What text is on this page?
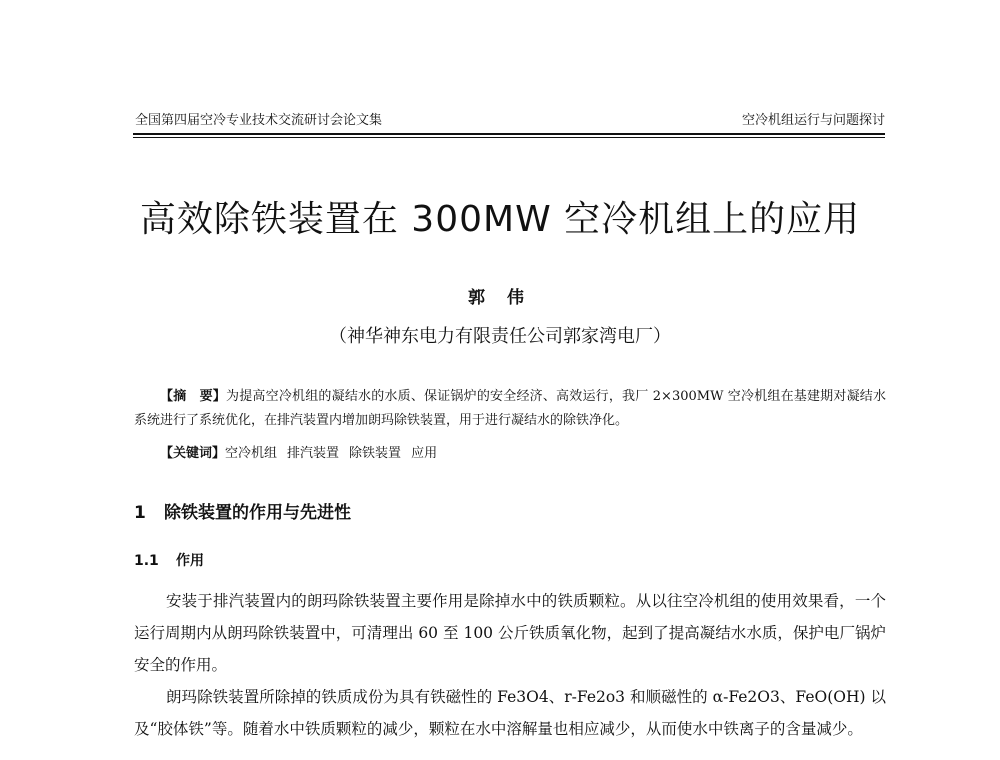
全国第四届空冷专业技术交流研讨会论文集	空冷机组运行与问题探讨
高效除铁装置在 300MW 空冷机组上的应用
郭 伟
（神华神东电力有限责任公司郭家湾电厂）
【摘　要】为提高空冷机组的凝结水的水质、保证锅炉的安全经济、高效运行，我厂 2×300MW 空冷机组在基建期对凝结水系统进行了系统优化，在排汽装置内增加朗玛除铁装置，用于进行凝结水的除铁净化。
【关键词】空冷机组 排汽装置 除铁装置 应用
1 除铁装置的作用与先进性
1.1 作用
安装于排汽装置内的朗玛除铁装置主要作用是除掉水中的铁质颗粒。从以往空冷机组的使用效果看，一个运行周期内从朗玛除铁装置中，可清理出 60 至 100 公斤铁质氧化物，起到了提高凝结水水质，保护电厂锅炉安全的作用。
朗玛除铁装置所除掉的铁质成份为具有铁磁性的 Fe3O4、r-Fe2o3 和顺磁性的 α-Fe2O3、FeO(OH) 以及“胶体铁”等。随着水中铁质颗粒的减少，颗粒在水中溶解量也相应减少，从而使水中铁离子的含量减少。
